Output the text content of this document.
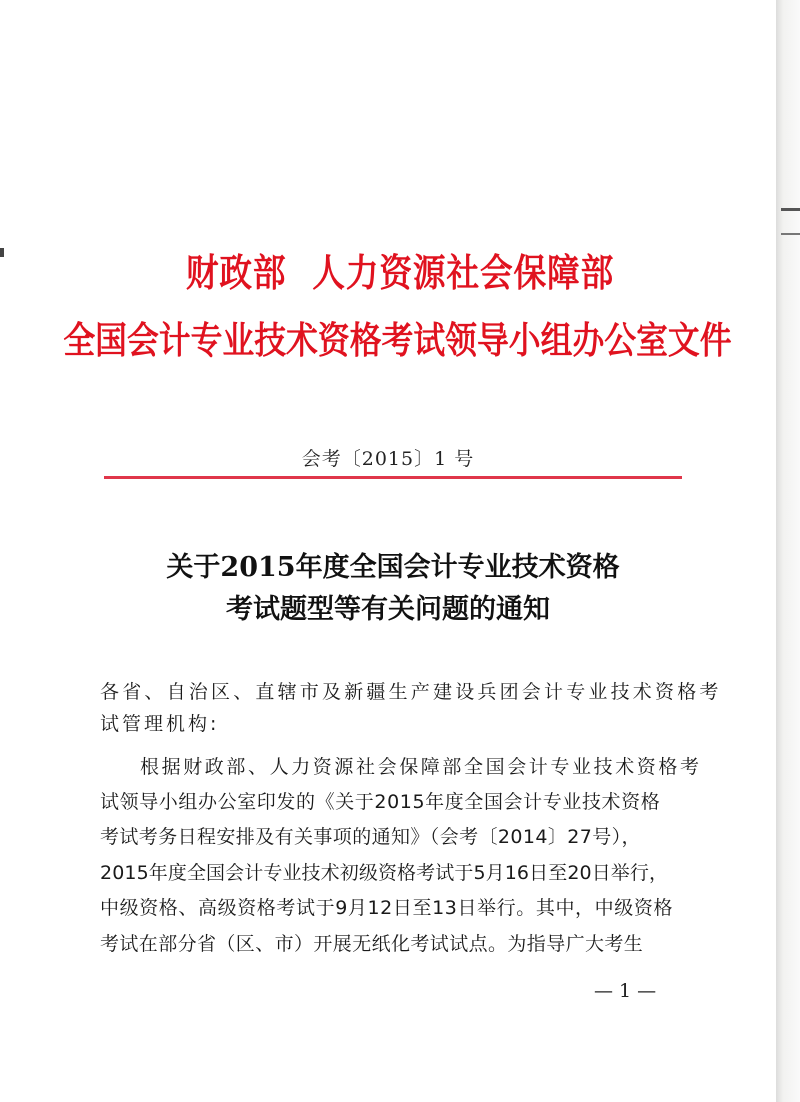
财政部 人力资源社会保障部
全国会计专业技术资格考试领导小组办公室文件
会考〔2015〕1 号
关于2015年度全国会计专业技术资格
考试题型等有关问题的通知
各省、自治区、直辖市及新疆生产建设兵团会计专业技术资格考
试管理机构:
根据财政部、人力资源社会保障部全国会计专业技术资格考
试领导小组办公室印发的《关于2015年度全国会计专业技术资格
考试考务日程安排及有关事项的通知》（会考〔2014〕27号），
2015年度全国会计专业技术初级资格考试于5月16日至20日举行，
中级资格、高级资格考试于9月12日至13日举行。其中，中级资格
考试在部分省（区、市）开展无纸化考试试点。为指导广大考生
— 1 —
